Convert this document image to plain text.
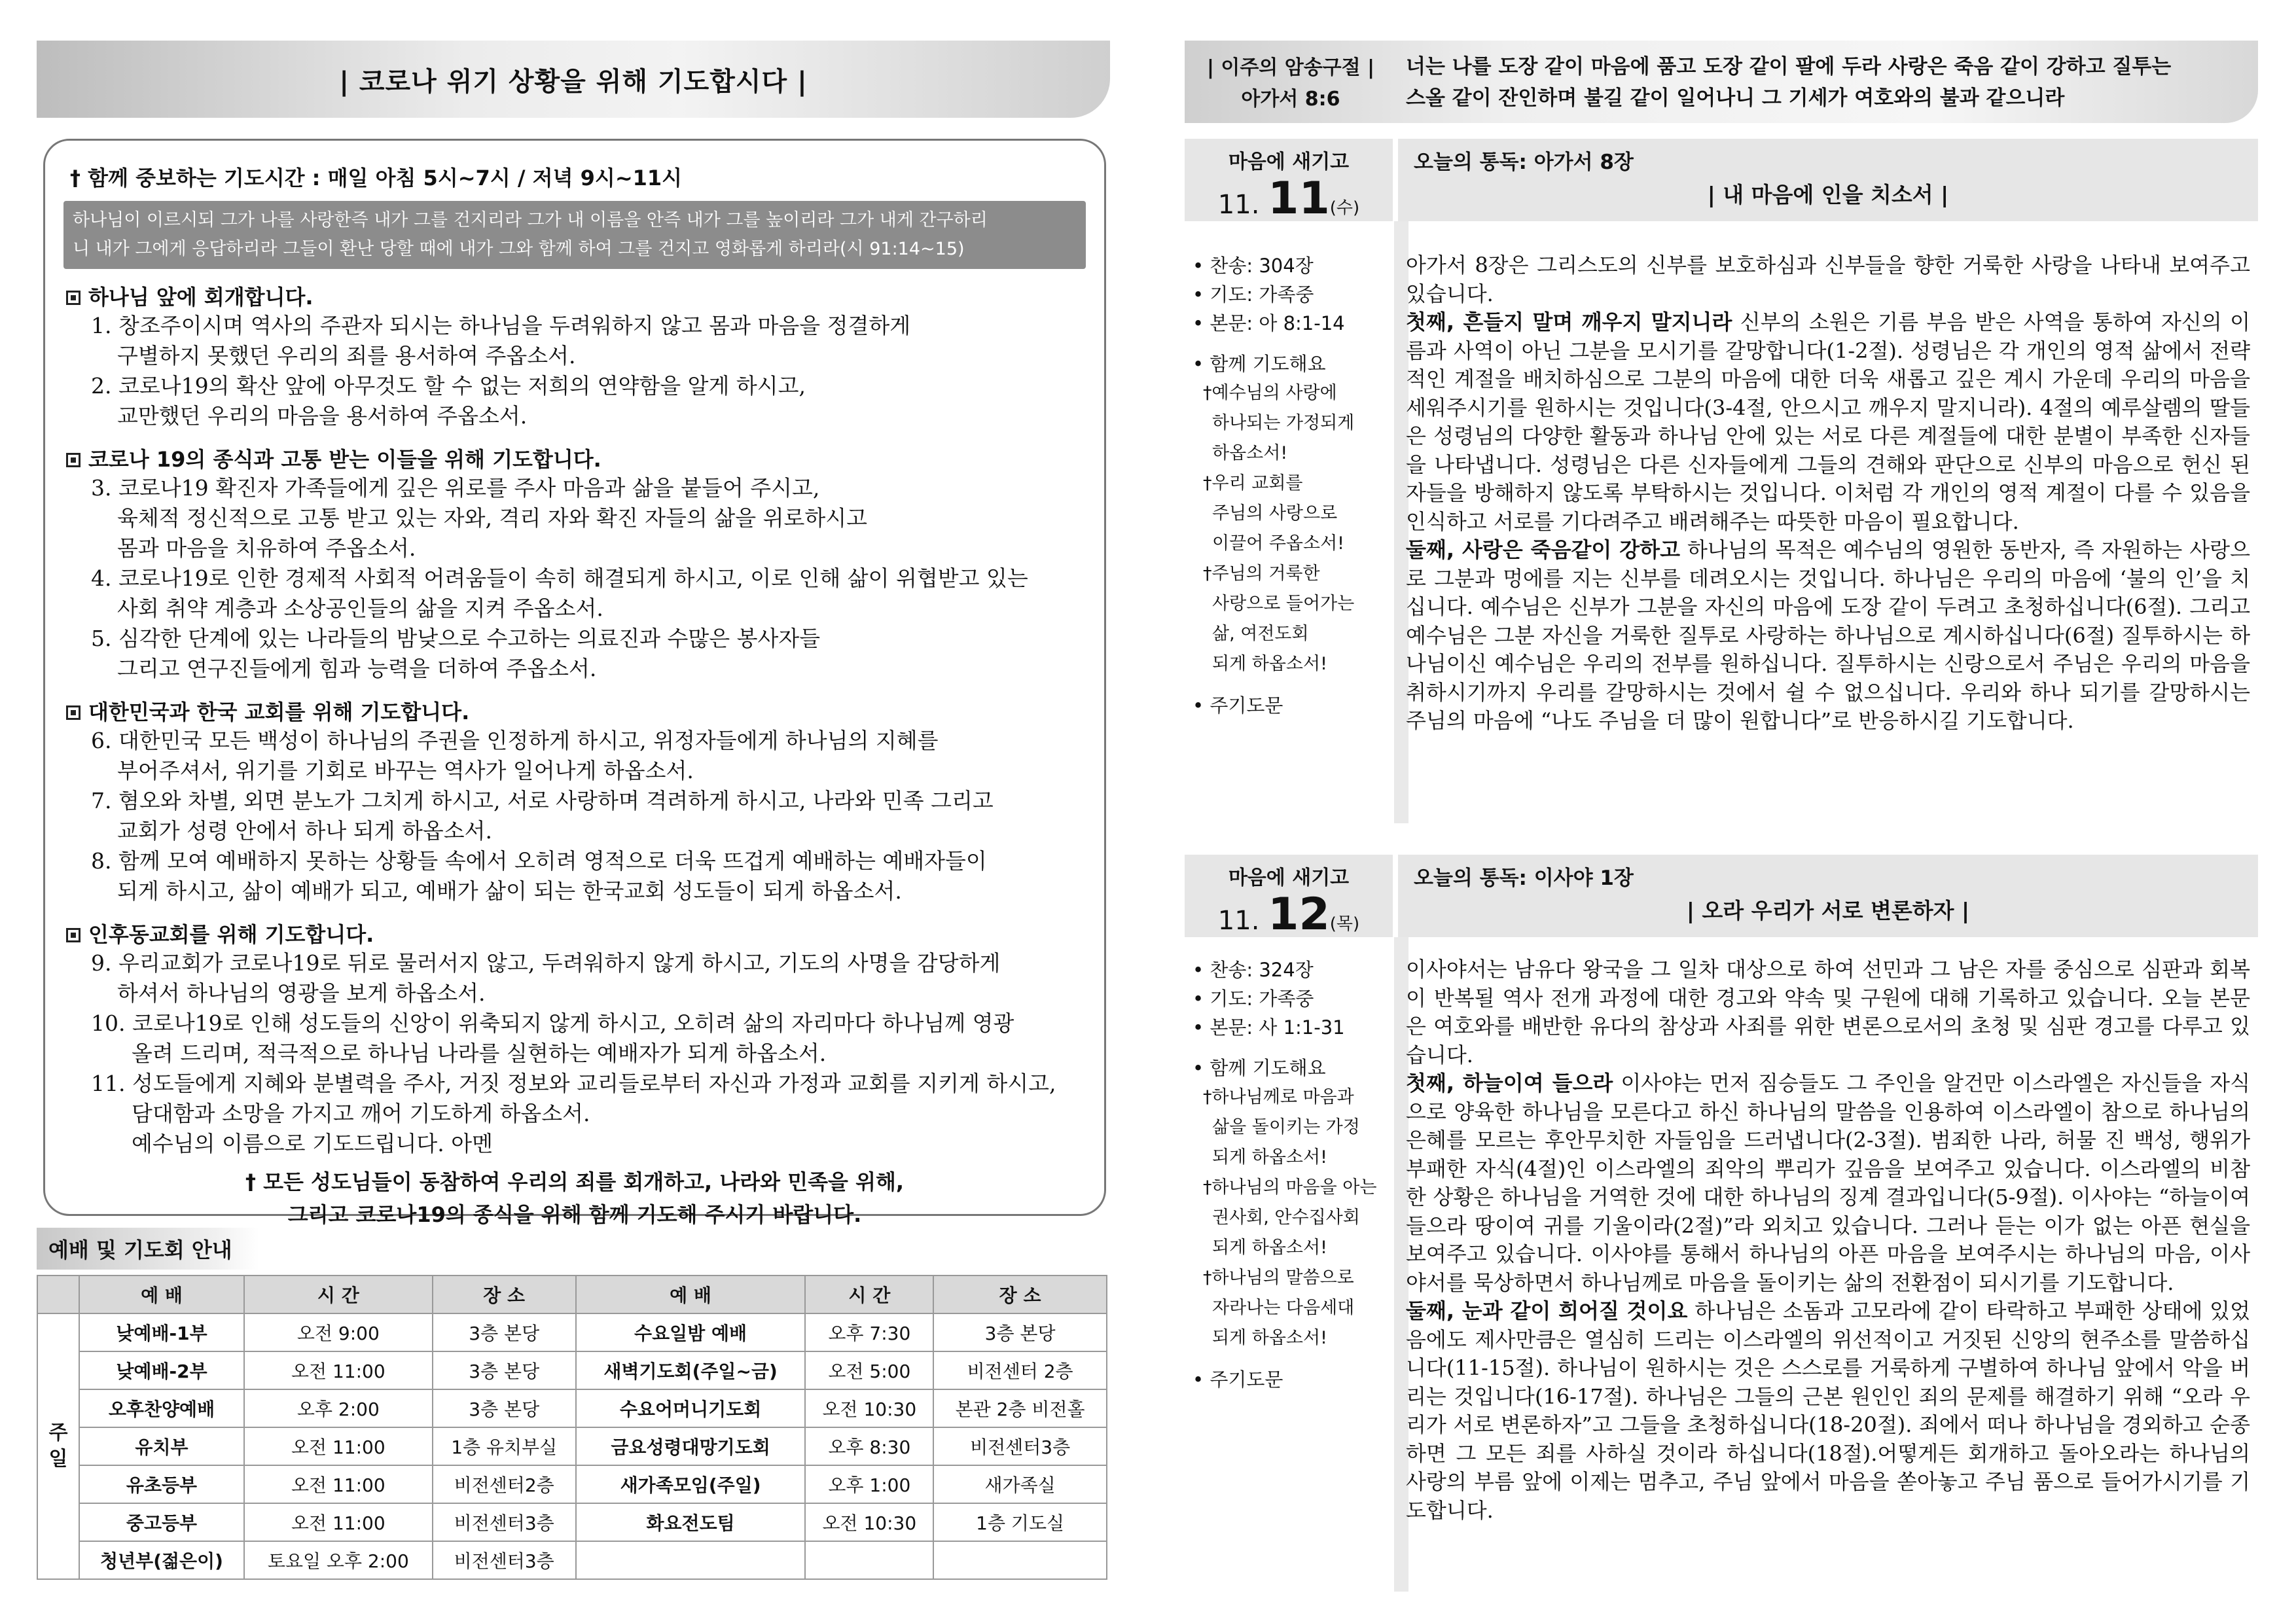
| 코로나 위기 상황을 위해 기도합시다 |
† 함께 중보하는 기도시간 : 매일 아침 5시~7시 / 저녁 9시~11시
하나님이 이르시되 그가 나를 사랑한즉 내가 그를 건지리라 그가 내 이름을 안즉 내가 그를 높이리라 그가 내게 간구하리
니 내가 그에게 응답하리라 그들이 환난 당할 때에 내가 그와 함께 하여 그를 건지고 영화롭게 하리라(시 91:14~15)
하나님 앞에 회개합니다.
1. 창조주이시며 역사의 주관자 되시는 하나님을 두려워하지 않고 몸과 마음을 정결하게
구별하지 못했던 우리의 죄를 용서하여 주옵소서.
2. 코로나19의 확산 앞에 아무것도 할 수 없는 저희의 연약함을 알게 하시고,
교만했던 우리의 마음을 용서하여 주옵소서.
코로나 19의 종식과 고통 받는 이들을 위해 기도합니다.
3. 코로나19 확진자 가족들에게 깊은 위로를 주사 마음과 삶을 붙들어 주시고,
육체적 정신적으로 고통 받고 있는 자와, 격리 자와 확진 자들의 삶을 위로하시고
몸과 마음을 치유하여 주옵소서.
4. 코로나19로 인한 경제적 사회적 어려움들이 속히 해결되게 하시고, 이로 인해 삶이 위협받고 있는
사회 취약 계층과 소상공인들의 삶을 지켜 주옵소서.
5. 심각한 단계에 있는 나라들의 밤낮으로 수고하는 의료진과 수많은 봉사자들
그리고 연구진들에게 힘과 능력을 더하여 주옵소서.
대한민국과 한국 교회를 위해 기도합니다.
6. 대한민국 모든 백성이 하나님의 주권을 인정하게 하시고, 위정자들에게 하나님의 지혜를
부어주셔서, 위기를 기회로 바꾸는 역사가 일어나게 하옵소서.
7. 혐오와 차별, 외면 분노가 그치게 하시고, 서로 사랑하며 격려하게 하시고, 나라와 민족 그리고
교회가 성령 안에서 하나 되게 하옵소서.
8. 함께 모여 예배하지 못하는 상황들 속에서 오히려 영적으로 더욱 뜨겁게 예배하는 예배자들이
되게 하시고, 삶이 예배가 되고, 예배가 삶이 되는 한국교회 성도들이 되게 하옵소서.
인후동교회를 위해 기도합니다.
9. 우리교회가 코로나19로 뒤로 물러서지 않고, 두려워하지 않게 하시고, 기도의 사명을 감당하게
하셔서 하나님의 영광을 보게 하옵소서.
10. 코로나19로 인해 성도들의 신앙이 위축되지 않게 하시고, 오히려 삶의 자리마다 하나님께 영광
올려 드리며, 적극적으로 하나님 나라를 실현하는 예배자가 되게 하옵소서.
11. 성도들에게 지혜와 분별력을 주사, 거짓 정보와 교리들로부터 자신과 가정과 교회를 지키게 하시고,
담대함과 소망을 가지고 깨어 기도하게 하옵소서.
예수님의 이름으로 기도드립니다. 아멘
† 모든 성도님들이 동참하여 우리의 죄를 회개하고, 나라와 민족을 위해,
그리고 코로나19의 종식을 위해 함께 기도해 주시기 바랍니다.
예배 및 기도회 안내
	예 배	시 간	장 소	예 배	시 간	장 소
주
일	낮예배-1부	오전 9:00	3층 본당	수요일밤 예배	오후 7:30	3층 본당
	낮예배-2부	오전 11:00	3층 본당	새벽기도회(주일~금)	오전 5:00	비전센터 2층
	오후찬양예배	오후 2:00	3층 본당	수요어머니기도회	오전 10:30	본관 2층 비전홀
	유치부	오전 11:00	1층 유치부실	금요성령대망기도회	오후 8:30	비전센터3층
	유초등부	오전 11:00	비전센터2층	새가족모임(주일)	오후 1:00	새가족실
	중고등부	오전 11:00	비전센터3층	화요전도팀	오전 10:30	1층 기도실
	청년부(젊은이)	토요일 오후 2:00	비전센터3층			
| 이주의 암송구절 |
아가서 8:6
너는 나를 도장 같이 마음에 품고 도장 같이 팔에 두라 사랑은 죽음 같이 강하고 질투는
스올 같이 잔인하며 불길 같이 일어나니 그 기세가 여호와의 불과 같으니라
마음에 새기고
11. 11(수)
오늘의 통독: 아가서 8장
| 내 마음에 인을 치소서 |
• 찬송: 304장
• 기도: 가족중
• 본문: 아 8:1-14
• 함께 기도해요
†예수님의 사랑에
하나되는 가정되게
하옵소서!
†우리 교회를
주님의 사랑으로
이끌어 주옵소서!
†주님의 거룩한
사랑으로 들어가는
삶, 여전도회
되게 하옵소서!
• 주기도문

아가서 8장은 그리스도의 신부를 보호하심과 신부들을 향한 거룩한 사랑을 나타내 보여주고 있습니다.

첫째, 흔들지 말며 깨우지 말지니라 신부의 소원은 기름 부음 받은 사역을 통하여 자신의 이름과 사역이 아닌 그분을 모시기를 갈망합니다(1-2절). 성령님은 각 개인의 영적 삶에서 전략적인 계절을 배치하심으로 그분의 마음에 대한 더욱 새롭고 깊은 계시 가운데 우리의 마음을 세워주시기를 원하시는 것입니다(3-4절, 안으시고 깨우지 말지니라). 4절의 예루살렘의 딸들은 성령님의 다양한 활동과 하나님 안에 있는 서로 다른 계절들에 대한 분별이 부족한 신자들을 나타냅니다. 성령님은 다른 신자들에게 그들의 견해와 판단으로 신부의 마음으로 헌신 된 자들을 방해하지 않도록 부탁하시는 것입니다. 이처럼 각 개인의 영적 계절이 다를 수 있음을 인식하고 서로를 기다려주고 배려해주는 따뜻한 마음이 필요합니다.

둘째, 사랑은 죽음같이 강하고 하나님의 목적은 예수님의 영원한 동반자, 즉 자원하는 사랑으로 그분과 멍에를 지는 신부를 데려오시는 것입니다. 하나님은 우리의 마음에 ‘불의 인’을 치십니다. 예수님은 신부가 그분을 자신의 마음에 도장 같이 두려고 초청하십니다(6절). 그리고 예수님은 그분 자신을 거룩한 질투로 사랑하는 하나님으로 계시하십니다(6절) 질투하시는 하나님이신 예수님은 우리의 전부를 원하십니다. 질투하시는 신랑으로서 주님은 우리의 마음을 취하시기까지 우리를 갈망하시는 것에서 쉴 수 없으십니다. 우리와 하나 되기를 갈망하시는 주님의 마음에 “나도 주님을 더 많이 원합니다”로 반응하시길 기도합니다.

마음에 새기고
11. 12(목)
오늘의 통독: 이사야 1장
| 오라 우리가 서로 변론하자 |
• 찬송: 324장
• 기도: 가족중
• 본문: 사 1:1-31
• 함께 기도해요
†하나님께로 마음과
삶을 돌이키는 가정
되게 하옵소서!
†하나님의 마음을 아는
권사회, 안수집사회
되게 하옵소서!
†하나님의 말씀으로
자라나는 다음세대
되게 하옵소서!
• 주기도문

이사야서는 남유다 왕국을 그 일차 대상으로 하여 선민과 그 남은 자를 중심으로 심판과 회복이 반복될 역사 전개 과정에 대한 경고와 약속 및 구원에 대해 기록하고 있습니다. 오늘 본문은 여호와를 배반한 유다의 참상과 사죄를 위한 변론으로서의 초청 및 심판 경고를 다루고 있습니다.

첫째, 하늘이여 들으라 이사야는 먼저 짐승들도 그 주인을 알건만 이스라엘은 자신들을 자식으로 양육한 하나님을 모른다고 하신 하나님의 말씀을 인용하여 이스라엘이 참으로 하나님의 은혜를 모르는 후안무치한 자들임을 드러냅니다(2-3절). 범죄한 나라, 허물 진 백성, 행위가 부패한 자식(4절)인 이스라엘의 죄악의 뿌리가 깊음을 보여주고 있습니다. 이스라엘의 비참한 상황은 하나님을 거역한 것에 대한 하나님의 징계 결과입니다(5-9절). 이사야는 “하늘이여 들으라 땅이여 귀를 기울이라(2절)”라 외치고 있습니다. 그러나 듣는 이가 없는 아픈 현실을 보여주고 있습니다. 이사야를 통해서 하나님의 아픈 마음을 보여주시는 하나님의 마음, 이사야서를 묵상하면서 하나님께로 마음을 돌이키는 삶의 전환점이 되시기를 기도합니다.

둘째, 눈과 같이 희어질 것이요 하나님은 소돔과 고모라에 같이 타락하고 부패한 상태에 있었음에도 제사만큼은 열심히 드리는 이스라엘의 위선적이고 거짓된 신앙의 현주소를 말씀하십니다(11-15절). 하나님이 원하시는 것은 스스로를 거룩하게 구별하여 하나님 앞에서 악을 버리는 것입니다(16-17절). 하나님은 그들의 근본 원인인 죄의 문제를 해결하기 위해 “오라 우리가 서로 변론하자”고 그들을 초청하십니다(18-20절). 죄에서 떠나 하나님을 경외하고 순종하면 그 모든 죄를 사하실 것이라 하십니다(18절).어떻게든 회개하고 돌아오라는 하나님의 사랑의 부름 앞에 이제는 멈추고, 주님 앞에서 마음을 쏟아놓고 주님 품으로 들어가시기를 기도합니다.
